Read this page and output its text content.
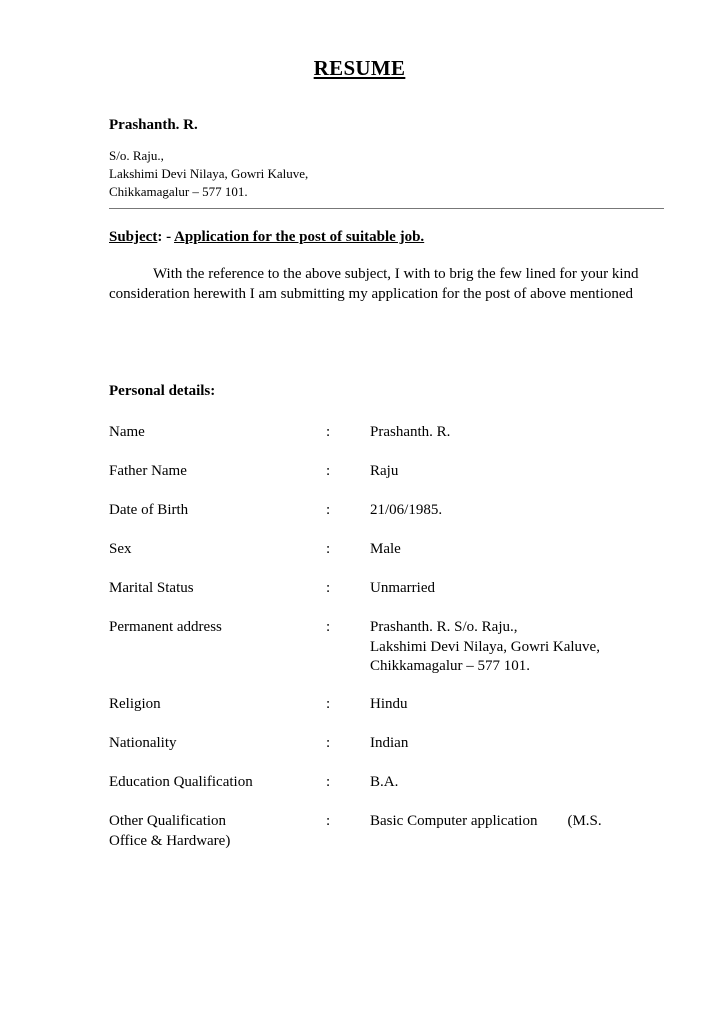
RESUME
Prashanth. R.
S/o. Raju.,
Lakshimi Devi Nilaya, Gowri Kaluve,
Chikkamagalur – 577 101.
Subject: - Application for the post of suitable job.
With the reference to the above subject, I with to brig the few lined for your kind consideration herewith I am submitting my application for the post of above mentioned
Personal details:
Name	:	Prashanth. R.
Father Name	:	Raju
Date of Birth	:	21/06/1985.
Sex	:	Male
Marital Status	:	Unmarried
Permanent address	:	Prashanth. R. S/o. Raju.,
Lakshimi Devi Nilaya, Gowri Kaluve,
Chikkamagalur – 577 101.
Religion	:	Hindu
Nationality	:	Indian
Education Qualification	:	B.A.
Other Qualification	:	Basic Computer application (M.S.
Office & Hardware)
